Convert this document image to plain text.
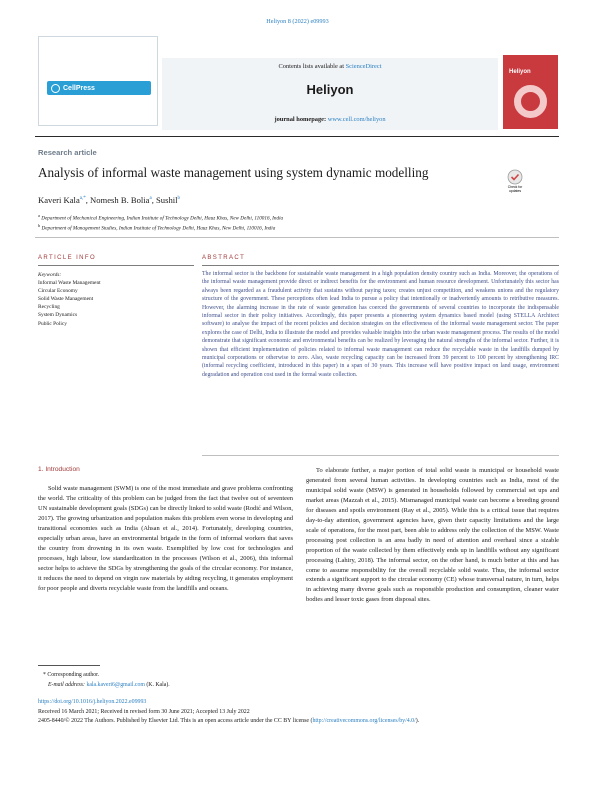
Heliyon 8 (2022) e09993
CellPress
Contents lists available at ScienceDirect
Heliyon
journal homepage: www.cell.com/heliyon
Heliyon
Research article
Analysis of informal waste management using system dynamic modelling
Check for
updates
Kaveri Kala$^{a,*}$, Nomesh B. Bolia$^a$, Sushil$^b$
$^a$ Department of Mechanical Engineering, Indian Institute of Technology Delhi, Hauz Khas, New Delhi, 110016, India
$^b$ Department of Management Studies, Indian Institute of Technology Delhi, Hauz Khas, New Delhi, 110016, India
ARTICLE INFO	ABSTRACT
Keywords:
Informal Waste Management
Circular Economy
Solid Waste Management
Recycling
System Dynamics
Public Policy
The informal sector is the backbone for sustainable waste management in a high population density country such as India. Moreover, the operations of the informal waste management provide direct or indirect benefits for the environment and human resource development. Unfortunately this sector has always been regarded as a fraudulent activity that sustains without paying taxes; creates unjust competition, and weakens unions and the regulatory structure of the government. These perceptions often lead India to pursue a policy that intentionally or inadvertently amounts to retributive measures. However, the alarming increase in the rate of waste generation has coerced the governments of several countries to incorporate the indispensable informal sector in their policy initiatives. Accordingly, this paper presents a pioneering system dynamics based model (using STELLA Architect software) to analyse the impact of the recent policies and decision strategies on the effectiveness of the informal waste management sector. The paper explores the case of Delhi, India to illustrate the model and provides valuable insights into the urban waste management process. The results of the model demonstrate that significant economic and environmental benefits can be realized by leveraging the natural strengths of the informal sector. Further, it is shown that efficient implementation of policies related to informal waste management can reduce the recyclable waste in the landfills dumped by municipal corporations or otherwise to zero. Also, waste recycling capacity can be increased from 39 percent to 100 percent by strengthening IRC (informal recycling coefficient, introduced in this paper) in a span of 30 years. This increase will have positive impact on land usage, environment degradation and operation cost used in the formal waste collection.
1. Introduction

Solid waste management (SWM) is one of the most immediate and grave problems confronting the world. The criticality of this problem can be judged from the fact that twelve out of seventeen UN sustainable development goals (SDGs) can be directly linked to solid waste (Rodić and Wilson, 2017). The growing urbanization and population makes this problem even worse in developing and transitional economies such as India (Ahsan et al., 2014). Fortunately, developing countries, especially urban areas, have an environmental brigade in the form of informal workers that saves the country from drowning in its own waste. Exemplified by low cost for technologies and processes, high labour, low standardization in the processes (Wilson et al., 2006), this informal sector helps to achieve the SDGs by strengthening the goals of the circular economy. For instance, it reduces the need to depend on virgin raw materials by aiding recycling, it generates employment for poor people and diverts recyclable waste from the landfills and oceans.

To elaborate further, a major portion of total solid waste is municipal or household waste generated from several human activities. In developing countries such as India, most of the municipal solid waste (MSW) is generated in households followed by commercial set ups and market areas (Mazzah et al., 2015). Mismanaged municipal waste can become a breeding ground for diseases and spoils environment (Ray et al., 2005). While this is a critical issue that requires day-to-day attention, government agencies have, given their capacity limitations and the large scale of operations, for the most part, been able to address only the collection of the MSW. Waste processing post collection is an area badly in need of attention and overhaul since a sizable proportion of the waste collected by them effectively ends up in landfills without any significant processing (Lahiry, 2018). The informal sector, on the other hand, is much better at this and has come to assume responsibility for the overall recyclable solid waste. Thus, the informal sector extends a significant support to the circular economy (CE) whose transversal nature, in turn, helps in achieving many diverse goals such as responsible production and consumption, cleaner water bodies and lesser toxic gases from disposal sites.

* Corresponding author.
E-mail address: kala.kaveri6@gmail.com (K. Kala).
https://doi.org/10.1016/j.heliyon.2022.e09993
Received 16 March 2021; Received in revised form 30 June 2021; Accepted 13 July 2022
2405-8440/© 2022 The Authors. Published by Elsevier Ltd. This is an open access article under the CC BY license (http://creativecommons.org/licenses/by/4.0/).
